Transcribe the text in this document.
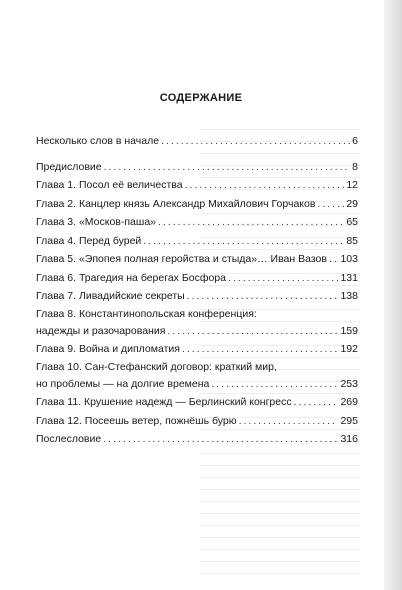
СОДЕРЖАНИЕ
Несколько слов в начале .....	6
Предисловие .....	8
Глава 1. Посол её величества .....	12
Глава 2. Канцлер князь Александр Михайлович Горчаков .....	29
Глава 3. «Москов-паша» .....	65
Глава 4. Перед бурей .....	85
Глава 5. «Эпопея полная геройства и стыда»… Иван Вазов ..... 103
Глава 6. Трагедия на берегах Босфора .....	131
Глава 7. Ливадийские секреты .....	138
Глава 8. Константинопольская конференция:
надежды и разочарования .....	159
Глава 9. Война и дипломатия .....	192
Глава 10. Сан-Стефанский договор: краткий мир,
но проблемы — на долгие времена .....	253
Глава 11. Крушение надежд — Берлинский конгресс .....	269
Глава 12. Посеешь ветер, пожнёшь бурю .....	295
Послесловие .....	316
